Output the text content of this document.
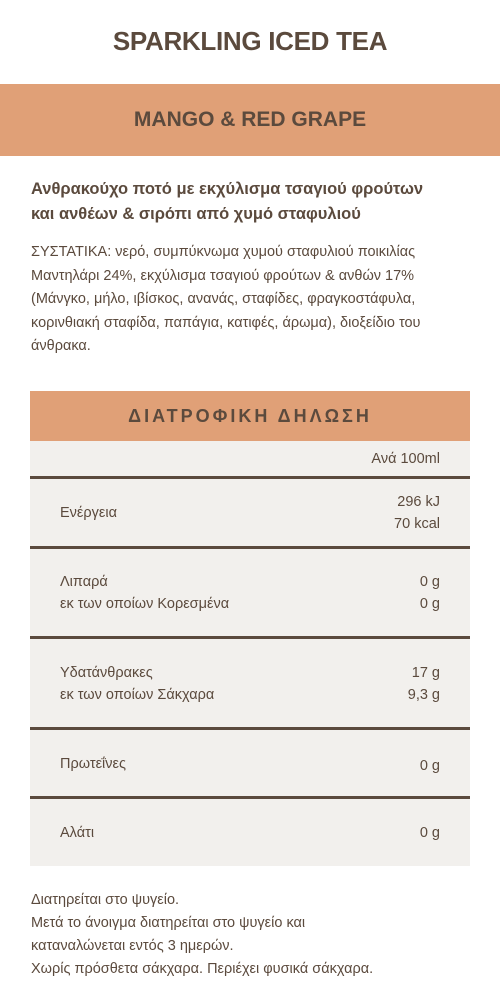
SPARKLING ICED TEA
MANGO & RED GRAPE
Ανθρακούχο ποτό με εκχύλισμα τσαγιού φρούτων
και ανθέων & σιρόπι από χυμό σταφυλιού
ΣΥΣΤΑΤΙΚΑ: νερό, συμπύκνωμα χυμού σταφυλιού ποικιλίας
Μαντηλάρι 24%, εκχύλισμα τσαγιού φρούτων & ανθών 17%
(Μάνγκο, μήλο, ιβίσκος, ανανάς, σταφίδες, φραγκοστάφυλα,
κορινθιακή σταφίδα, παπάγια, κατιφές, άρωμα), διοξείδιο του
άνθρακα.
ΔΙΑΤΡΟΦΙΚΗ ΔΗΛΩΣΗ
Ανά 100ml
Ενέργεια
296 kJ
70 kcal
Λιπαρά
εκ των οποίων Κορεσμένα
0 g
0 g
Υδατάνθρακες
εκ των οποίων Σάκχαρα
17 g
9,3 g
Πρωτεΐνες	0 g
Αλάτι	0 g
Διατηρείται στο ψυγείο.
Μετά το άνοιγμα διατηρείται στο ψυγείο και
καταναλώνεται εντός 3 ημερών.
Χωρίς πρόσθετα σάκχαρα. Περιέχει φυσικά σάκχαρα.
